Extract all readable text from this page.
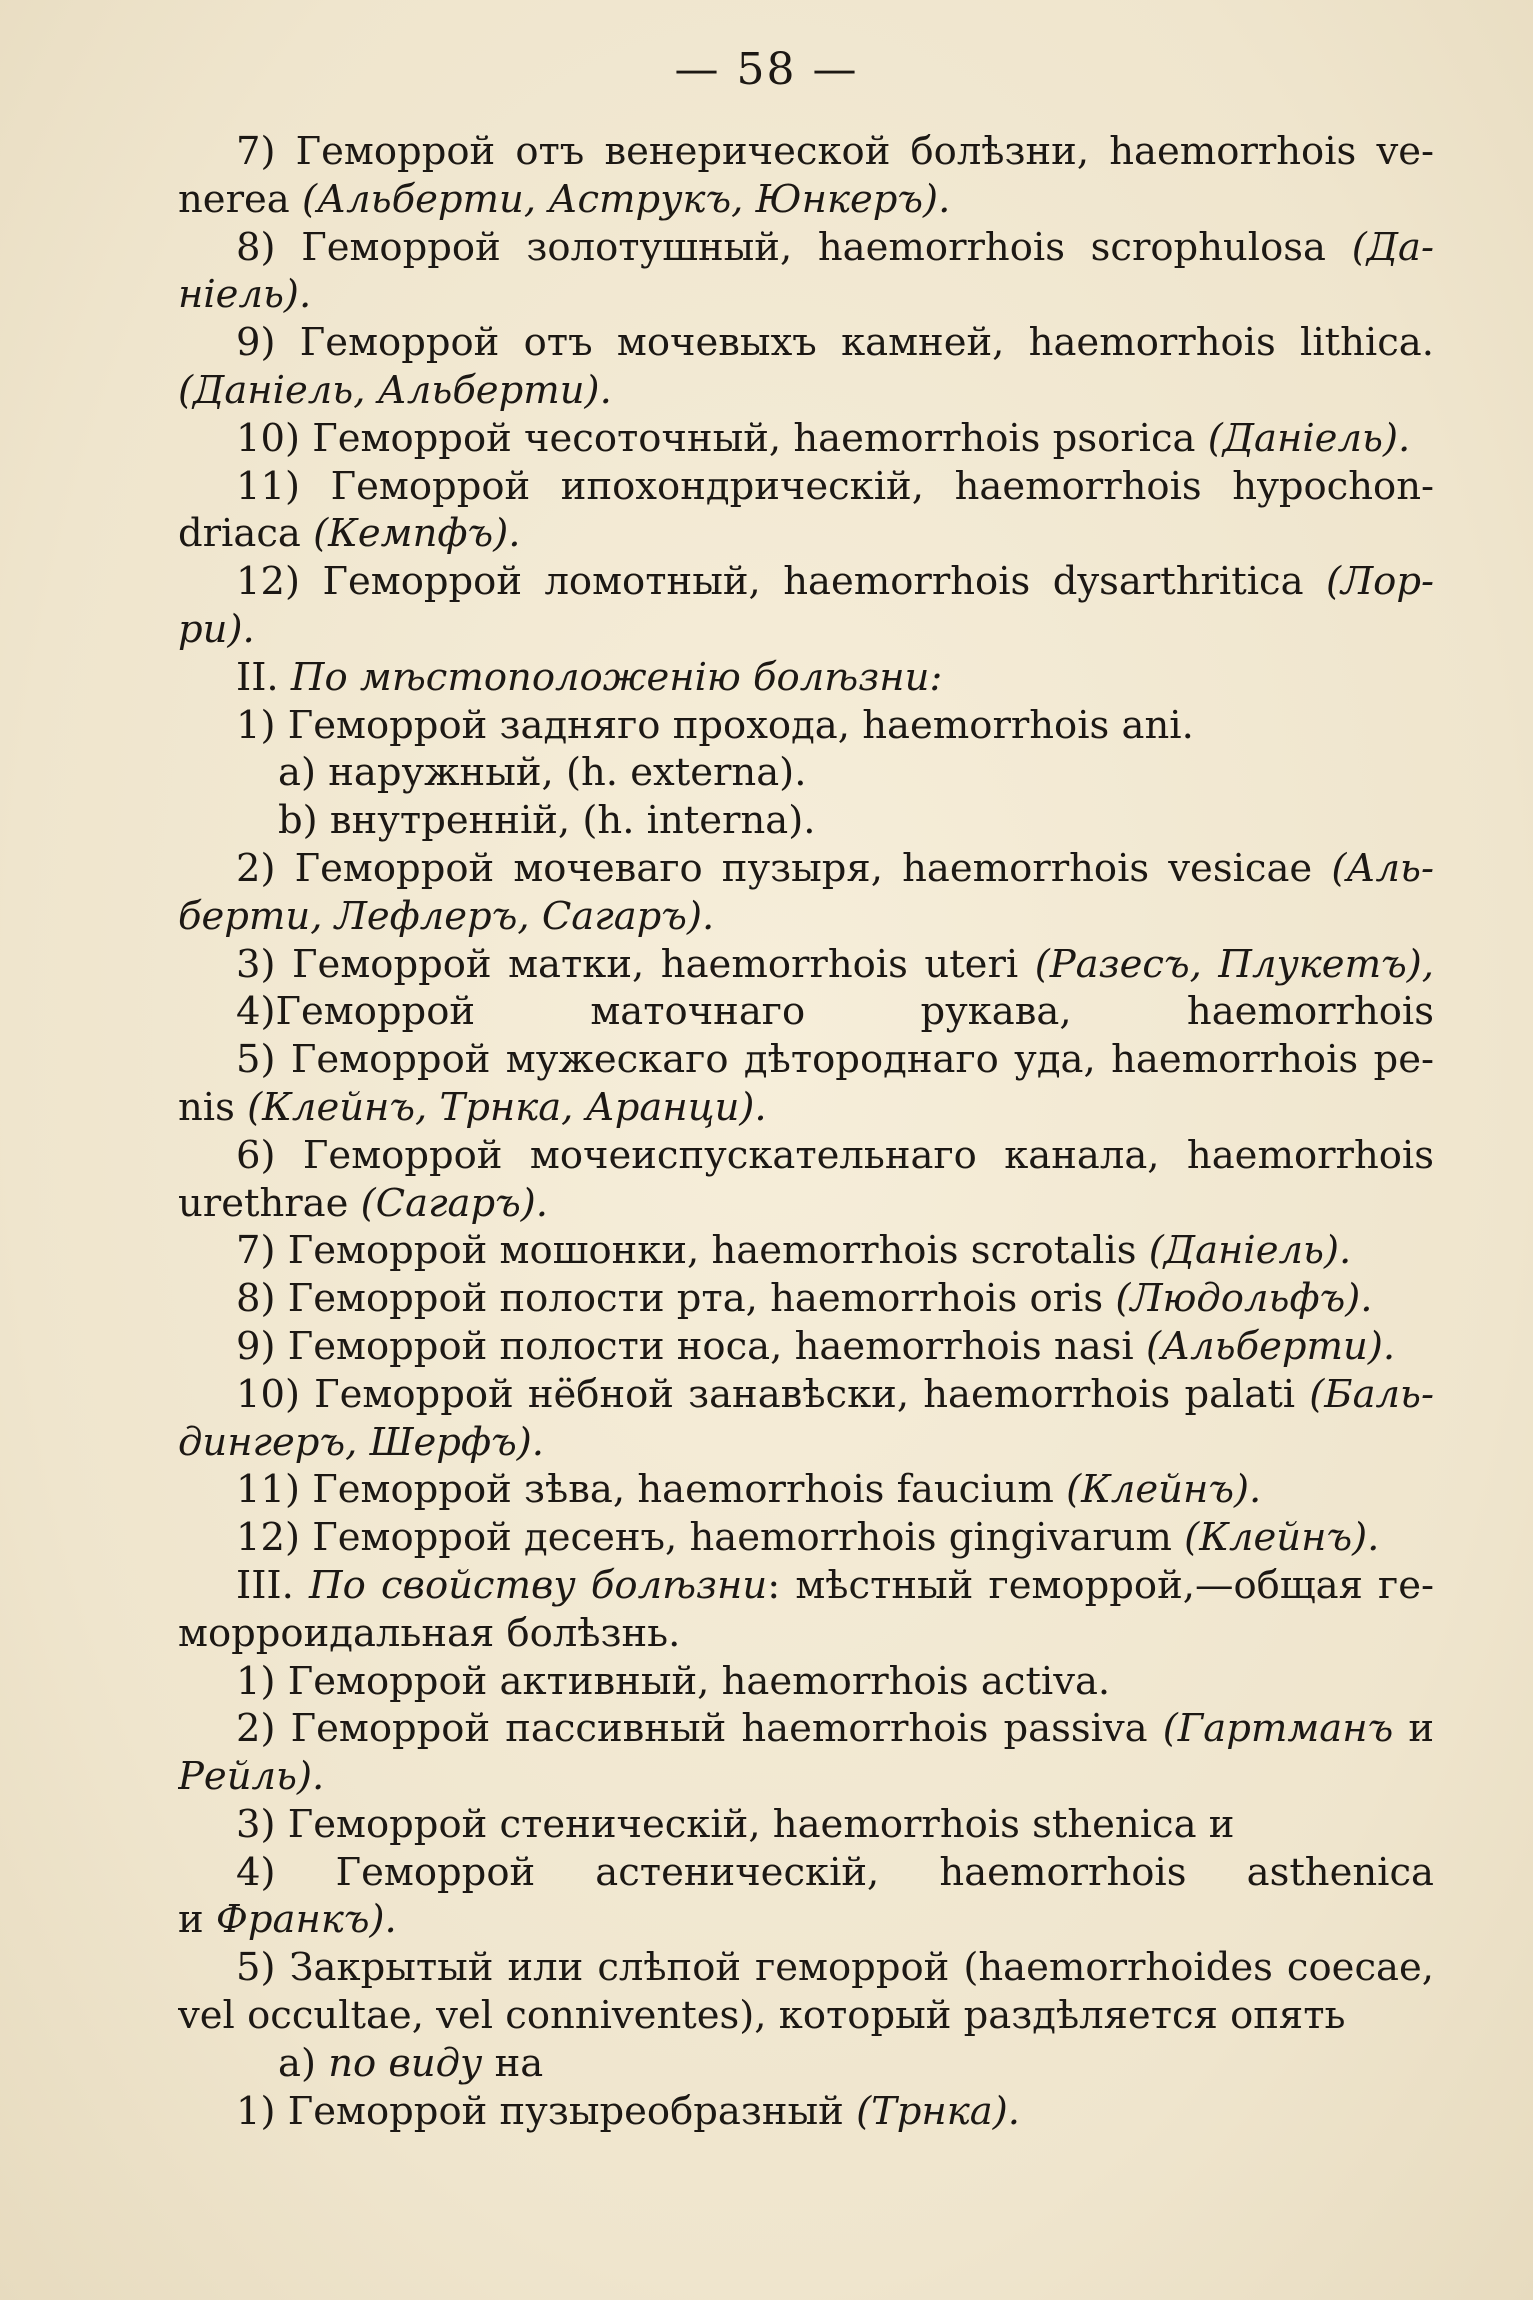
— 58 —
7) Геморрой отъ венерической болѣзни, haemorrhois ve-
nerea (Альберти, Аструкъ, Юнкеръ).
8) Геморрой золотушный, haemorrhois scrophulosa (Да-
ніель).
9) Геморрой отъ мочевыхъ камней, haemorrhois lithica.
(Даніель, Альберти).
10) Геморрой чесоточный, haemorrhois psorica (Даніель).
11) Геморрой ипохондрическій, haemorrhois hypochon-
driaca (Кемпфъ).
12) Геморрой ломотный, haemorrhois dysarthritica (Лор-
ри).
II. По мѣстоположенію болѣзни:
1) Геморрой задняго прохода, haemorrhois ani.
a) наружный, (h. externa).
b) внутренній, (h. interna).
2) Геморрой мочеваго пузыря, haemorrhois vesicae (Аль-
берти, Лефлеръ, Сагаръ).
3) Геморрой матки, haemorrhois uteri (Разесъ, Плукетъ),
4)Геморрой маточнаго рукава, haemorrhois
5) Геморрой мужескаго дѣтороднаго уда, haemorrhois pe-
nis (Клейнъ, Трнка, Аранци).
6) Геморрой мочеиспускательнаго канала, haemorrhois
urethrae (Сагаръ).
7) Геморрой мошонки, haemorrhois scrotalis (Даніель).
8) Геморрой полости рта, haemorrhois oris (Людольфъ).
9) Геморрой полости носа, haemorrhois nasi (Альберти).
10) Геморрой нёбной занавѣски, haemorrhois palati (Баль-
дингеръ, Шерфъ).
11) Геморрой зѣва, haemorrhois faucium (Клейнъ).
12) Геморрой десенъ, haemorrhois gingivarum (Клейнъ).
III. По свойству болѣзни: мѣстный геморрой,—общая ге-
морроидальная болѣзнь.
1) Геморрой активный, haemorrhois activa.
2) Геморрой пассивный haemorrhois passiva (Гартманъ и
Рейль).
3) Геморрой стеническій, haemorrhois sthenica и
4) Геморрой астеническій, haemorrhois asthenica
и Франкъ).
5) Закрытый или слѣпой геморрой (haemorrhoides coecae,
vel occultae, vel conniventes), который раздѣляется опять
a) по виду на
1) Геморрой пузыреобразный (Трнка).
